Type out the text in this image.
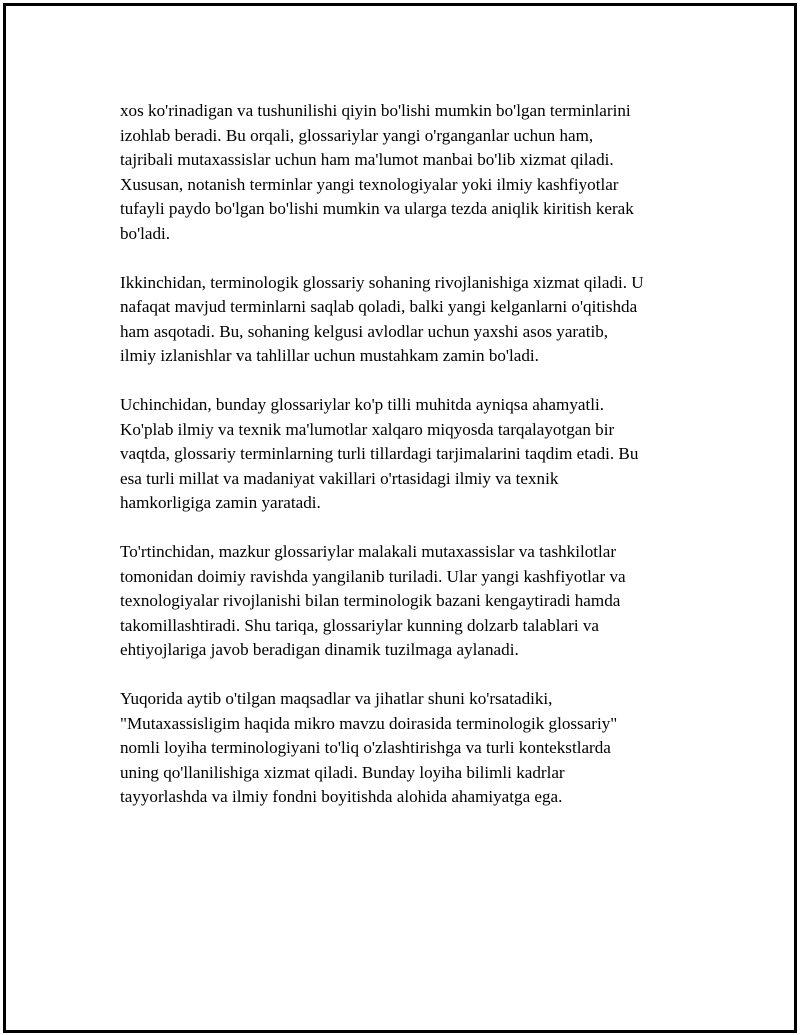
xos ko'rinadigan va tushunilishi qiyin bo'lishi mumkin bo'lgan terminlarini
izohlab beradi. Bu orqali, glossariylar yangi o'rganganlar uchun ham,
tajribali mutaxassislar uchun ham ma'lumot manbai bo'lib xizmat qiladi.
Xususan, notanish terminlar yangi texnologiyalar yoki ilmiy kashfiyotlar
tufayli paydo bo'lgan bo'lishi mumkin va ularga tezda aniqlik kiritish kerak
bo'ladi.

Ikkinchidan, terminologik glossariy sohaning rivojlanishiga xizmat qiladi. U
nafaqat mavjud terminlarni saqlab qoladi, balki yangi kelganlarni o'qitishda
ham asqotadi. Bu, sohaning kelgusi avlodlar uchun yaxshi asos yaratib,
ilmiy izlanishlar va tahlillar uchun mustahkam zamin bo'ladi.

Uchinchidan, bunday glossariylar ko'p tilli muhitda ayniqsa ahamyatli.
Ko'plab ilmiy va texnik ma'lumotlar xalqaro miqyosda tarqalayotgan bir
vaqtda, glossariy terminlarning turli tillardagi tarjimalarini taqdim etadi. Bu
esa turli millat va madaniyat vakillari o'rtasidagi ilmiy va texnik
hamkorligiga zamin yaratadi.

To'rtinchidan, mazkur glossariylar malakali mutaxassislar va tashkilotlar
tomonidan doimiy ravishda yangilanib turiladi. Ular yangi kashfiyotlar va
texnologiyalar rivojlanishi bilan terminologik bazani kengaytiradi hamda
takomillashtiradi. Shu tariqa, glossariylar kunning dolzarb talablari va
ehtiyojlariga javob beradigan dinamik tuzilmaga aylanadi.

Yuqorida aytib o'tilgan maqsadlar va jihatlar shuni ko'rsatadiki,
"Mutaxassisligim haqida mikro mavzu doirasida terminologik glossariy"
nomli loyiha terminologiyani to'liq o'zlashtirishga va turli kontekstlarda
uning qo'llanilishiga xizmat qiladi. Bunday loyiha bilimli kadrlar
tayyorlashda va ilmiy fondni boyitishda alohida ahamiyatga ega.
